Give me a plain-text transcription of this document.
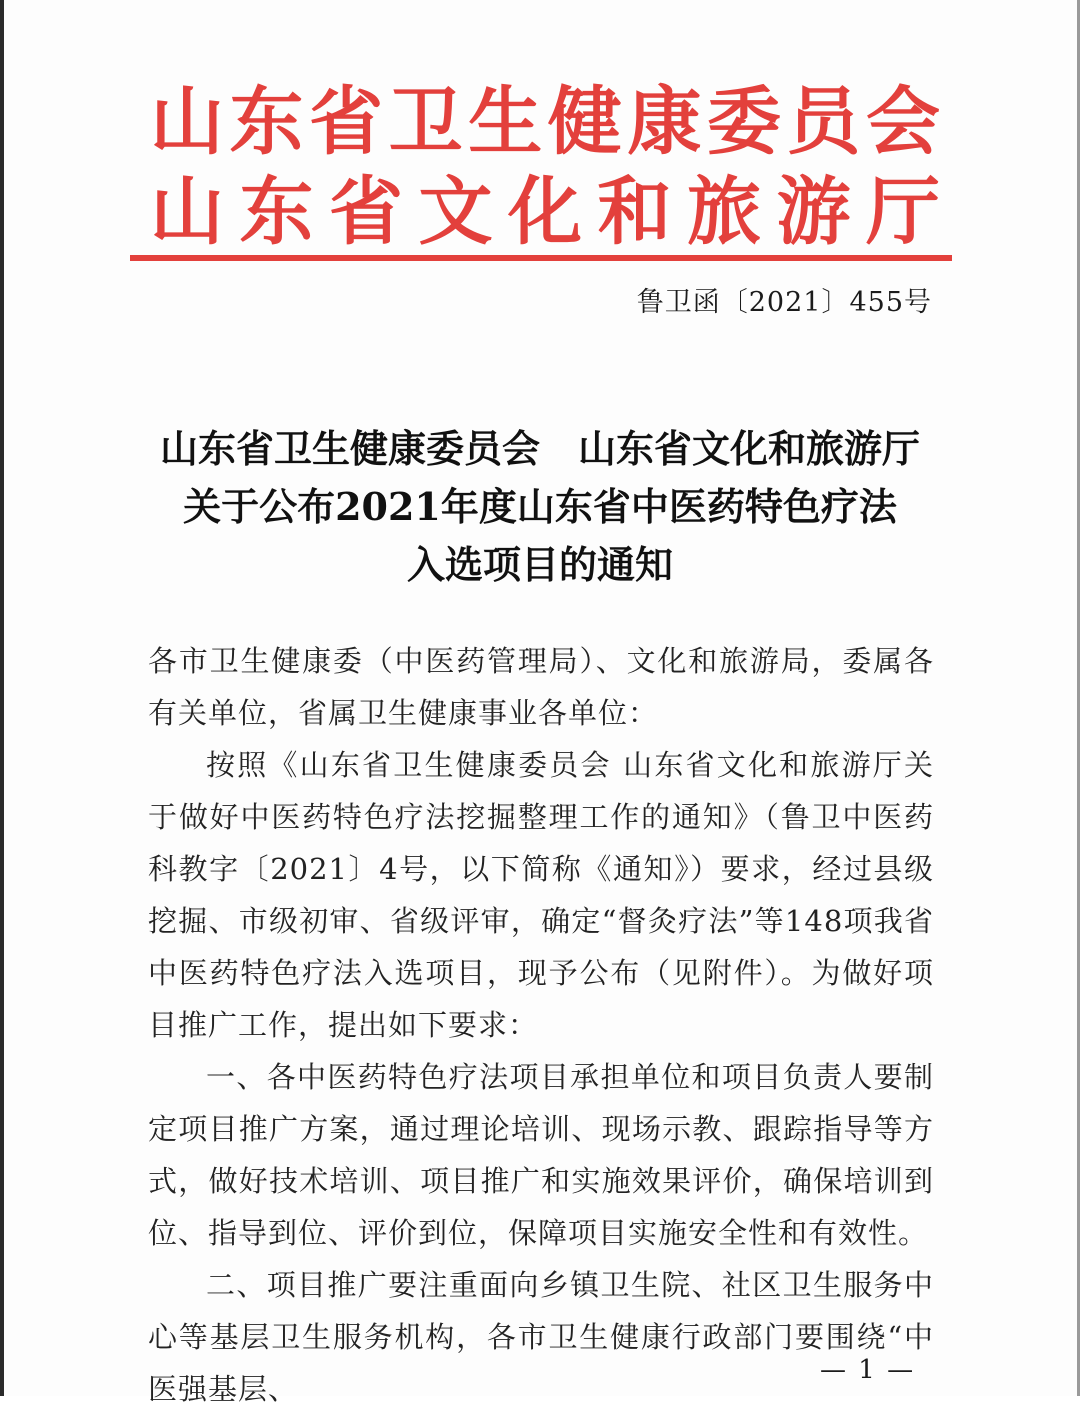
山东省卫生健康委员会
山东省文化和旅游厅
鲁卫函〔2021〕455号
山东省卫生健康委员会　山东省文化和旅游厅
关于公布2021年度山东省中医药特色疗法
入选项目的通知

各市卫生健康委（中医药管理局）、文化和旅游局，委属各有关单位，省属卫生健康事业各单位：

按照《山东省卫生健康委员会 山东省文化和旅游厅关于做好中医药特色疗法挖掘整理工作的通知》（鲁卫中医药科教字〔2021〕4号，以下简称《通知》）要求，经过县级挖掘、市级初审、省级评审，确定“督灸疗法”等148项我省中医药特色疗法入选项目，现予公布（见附件）。为做好项目推广工作，提出如下要求：

一、各中医药特色疗法项目承担单位和项目负责人要制定项目推广方案，通过理论培训、现场示教、跟踪指导等方式，做好技术培训、项目推广和实施效果评价，确保培训到位、指导到位、评价到位，保障项目实施安全性和有效性。

二、项目推广要注重面向乡镇卫生院、社区卫生服务中心等基层卫生服务机构，各市卫生健康行政部门要围绕“中医强基层、

— 1 —
